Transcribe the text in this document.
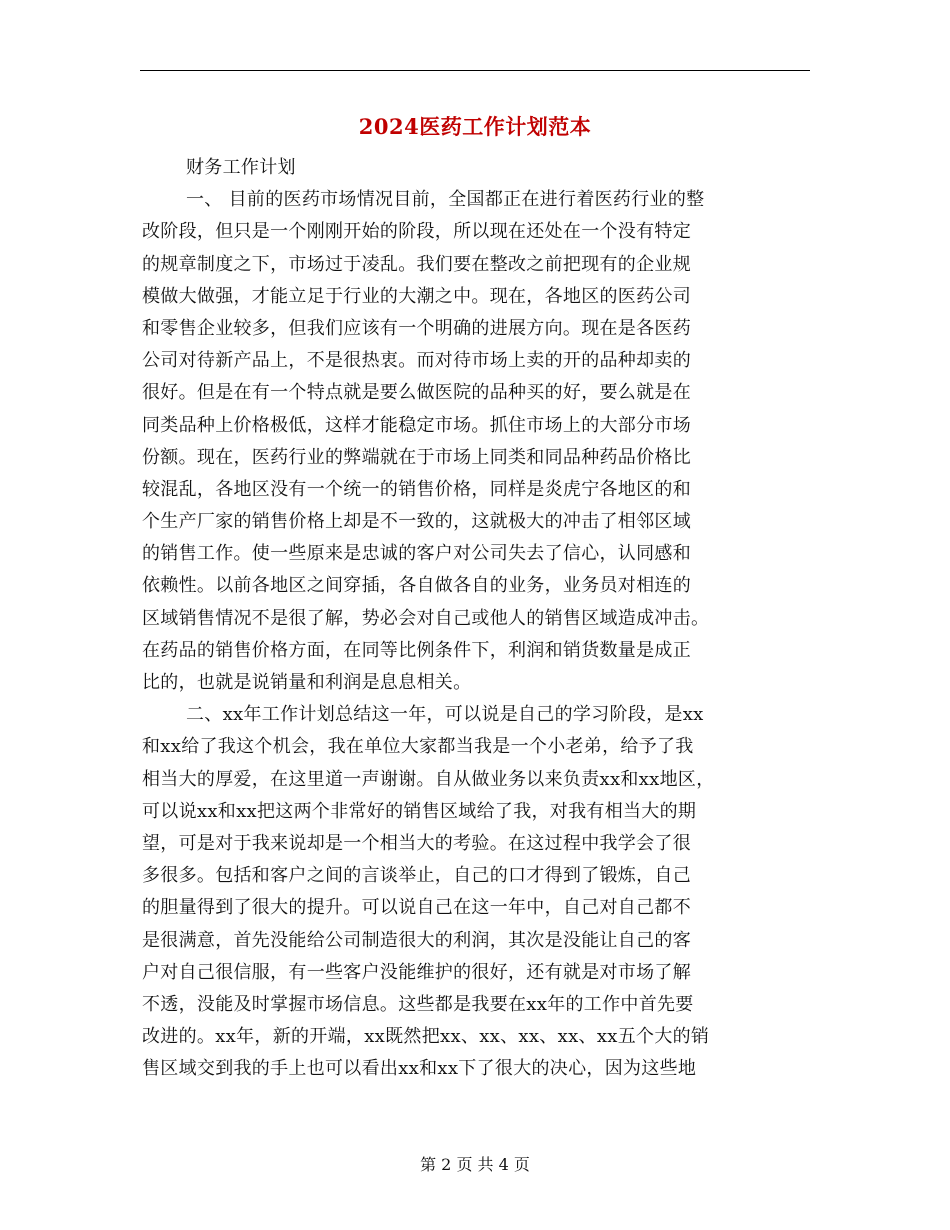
2024医药工作计划范本
财务工作计划
一、 目前的医药市场情况目前，全国都正在进行着医药行业的整
改阶段，但只是一个刚刚开始的阶段，所以现在还处在一个没有特定
的规章制度之下，市场过于凌乱。我们要在整改之前把现有的企业规
模做大做强，才能立足于行业的大潮之中。现在，各地区的医药公司
和零售企业较多，但我们应该有一个明确的进展方向。现在是各医药
公司对待新产品上，不是很热衷。而对待市场上卖的开的品种却卖的
很好。但是在有一个特点就是要么做医院的品种买的好，要么就是在
同类品种上价格极低，这样才能稳定市场。抓住市场上的大部分市场
份额。现在，医药行业的弊端就在于市场上同类和同品种药品价格比
较混乱，各地区没有一个统一的销售价格，同样是炎虎宁各地区的和
个生产厂家的销售价格上却是不一致的，这就极大的冲击了相邻区域
的销售工作。使一些原来是忠诚的客户对公司失去了信心，认同感和
依赖性。以前各地区之间穿插，各自做各自的业务，业务员对相连的
区域销售情况不是很了解，势必会对自己或他人的销售区域造成冲击。
在药品的销售价格方面，在同等比例条件下，利润和销货数量是成正
比的，也就是说销量和利润是息息相关。
二、xx年工作计划总结这一年，可以说是自己的学习阶段，是xx
和xx给了我这个机会，我在单位大家都当我是一个小老弟，给予了我
相当大的厚爱，在这里道一声谢谢。自从做业务以来负责xx和xx地区，
可以说xx和xx把这两个非常好的销售区域给了我，对我有相当大的期
望，可是对于我来说却是一个相当大的考验。在这过程中我学会了很
多很多。包括和客户之间的言谈举止，自己的口才得到了锻炼，自己
的胆量得到了很大的提升。可以说自己在这一年中，自己对自己都不
是很满意，首先没能给公司制造很大的利润，其次是没能让自己的客
户对自己很信服，有一些客户没能维护的很好，还有就是对市场了解
不透，没能及时掌握市场信息。这些都是我要在xx年的工作中首先要
改进的。xx年，新的开端，xx既然把xx、xx、xx、xx、xx五个大的销
售区域交到我的手上也可以看出xx和xx下了很大的决心，因为这些地
第 2 页 共 4 页
